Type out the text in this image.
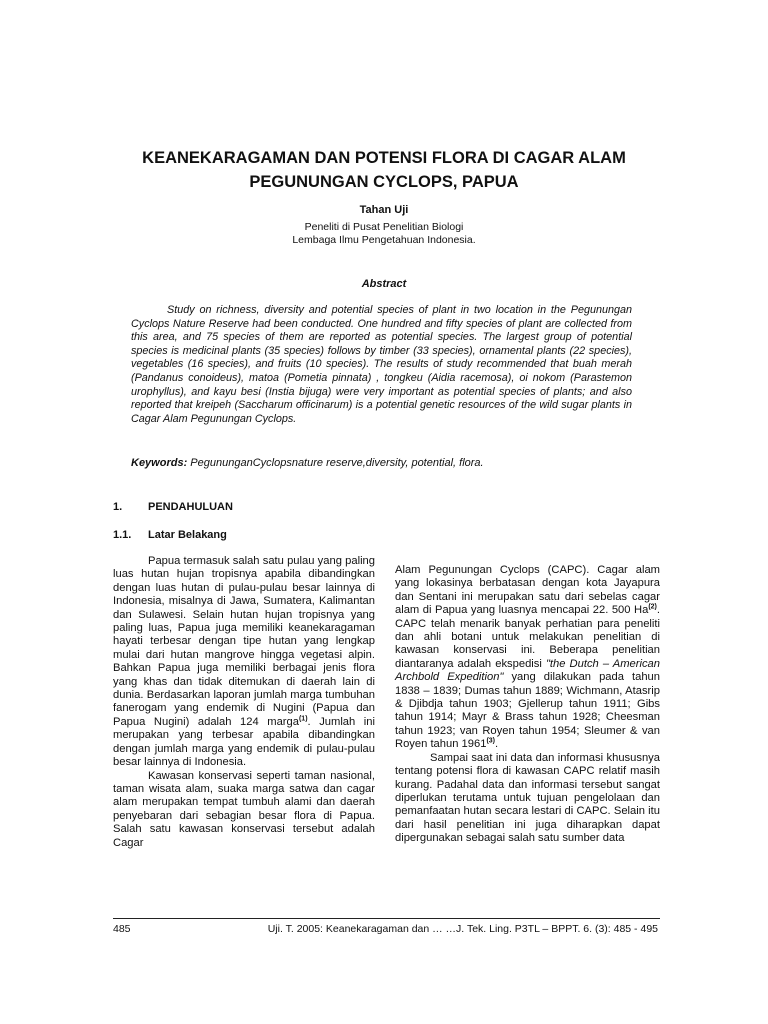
KEANEKARAGAMAN DAN POTENSI FLORA DI CAGAR ALAM
PEGUNUNGAN CYCLOPS, PAPUA
Tahan Uji
Peneliti di Pusat Penelitian Biologi
Lembaga Ilmu Pengetahuan Indonesia.
Abstract

Study on richness, diversity and potential species of plant in two location in the Pegunungan Cyclops Nature Reserve had been conducted. One hundred and fifty species of plant are collected from this area, and 75 species of them are reported as potential species. The largest group of potential species is medicinal plants (35 species) follows by timber (33 species), ornamental plants (22 species), vegetables (16 species), and fruits (10 species). The results of study recommended that buah merah (Pandanus conoideus), matoa (Pometia pinnata) , tongkeu (Aidia racemosa), oi nokom (Parastemon urophyllus), and kayu besi (Instia bijuga) were very important as potential species of plants; and also reported that kreipeh (Saccharum officinarum) is a potential genetic resources of the wild sugar plants in Cagar Alam Pegunungan Cyclops.

Keywords: PegununganCyclopsnature reserve,diversity, potential, flora.
1. PENDAHULUAN
1.1. Latar Belakang

Papua termasuk salah satu pulau yang paling luas hutan hujan tropisnya apabila dibandingkan dengan luas hutan di pulau-pulau besar lainnya di Indonesia, misalnya di Jawa, Sumatera, Kalimantan dan Sulawesi. Selain hutan hujan tropisnya yang paling luas, Papua juga memiliki keanekaragaman hayati terbesar dengan tipe hutan yang lengkap mulai dari hutan mangrove hingga vegetasi alpin. Bahkan Papua juga memiliki berbagai jenis flora yang khas dan tidak ditemukan di daerah lain di dunia. Berdasarkan laporan jumlah marga tumbuhan fanerogam yang endemik di Nugini (Papua dan Papua Nugini) adalah 124 marga$^{(1)}$. Jumlah ini merupakan yang terbesar apabila dibandingkan dengan jumlah marga yang endemik di pulau-pulau besar lainnya di Indonesia.

Kawasan konservasi seperti taman nasional, taman wisata alam, suaka marga satwa dan cagar alam merupakan tempat tumbuh alami dan daerah penyebaran dari sebagian besar flora di Papua. Salah satu kawasan konservasi tersebut adalah Cagar

Alam Pegunungan Cyclops (CAPC). Cagar alam yang lokasinya berbatasan dengan kota Jayapura dan Sentani ini merupakan satu dari sebelas cagar alam di Papua yang luasnya mencapai 22. 500 Ha$^{(2)}$. CAPC telah menarik banyak perhatian para peneliti dan ahli botani untuk melakukan penelitian di kawasan konservasi ini. Beberapa penelitian diantaranya adalah ekspedisi "the Dutch – American Archbold Expedition" yang dilakukan pada tahun 1838 – 1839; Dumas tahun 1889; Wichmann, Atasrip & Djibdja tahun 1903; Gjellerup tahun 1911; Gibs tahun 1914; Mayr & Brass tahun 1928; Cheesman tahun 1923; van Royen tahun 1954; Sleumer & van Royen tahun 1961$^{(3)}$.

Sampai saat ini data dan informasi khususnya tentang potensi flora di kawasan CAPC relatif masih kurang. Padahal data dan informasi tersebut sangat diperlukan terutama untuk tujuan pengelolaan dan pemanfaatan hutan secara lestari di CAPC. Selain itu dari hasil penelitian ini juga diharapkan dapat dipergunakan sebagai salah satu sumber data

485	Uji. T. 2005: Keanekaragaman dan … …J. Tek. Ling. P3TL – BPPT. 6. (3): 485 - 495
